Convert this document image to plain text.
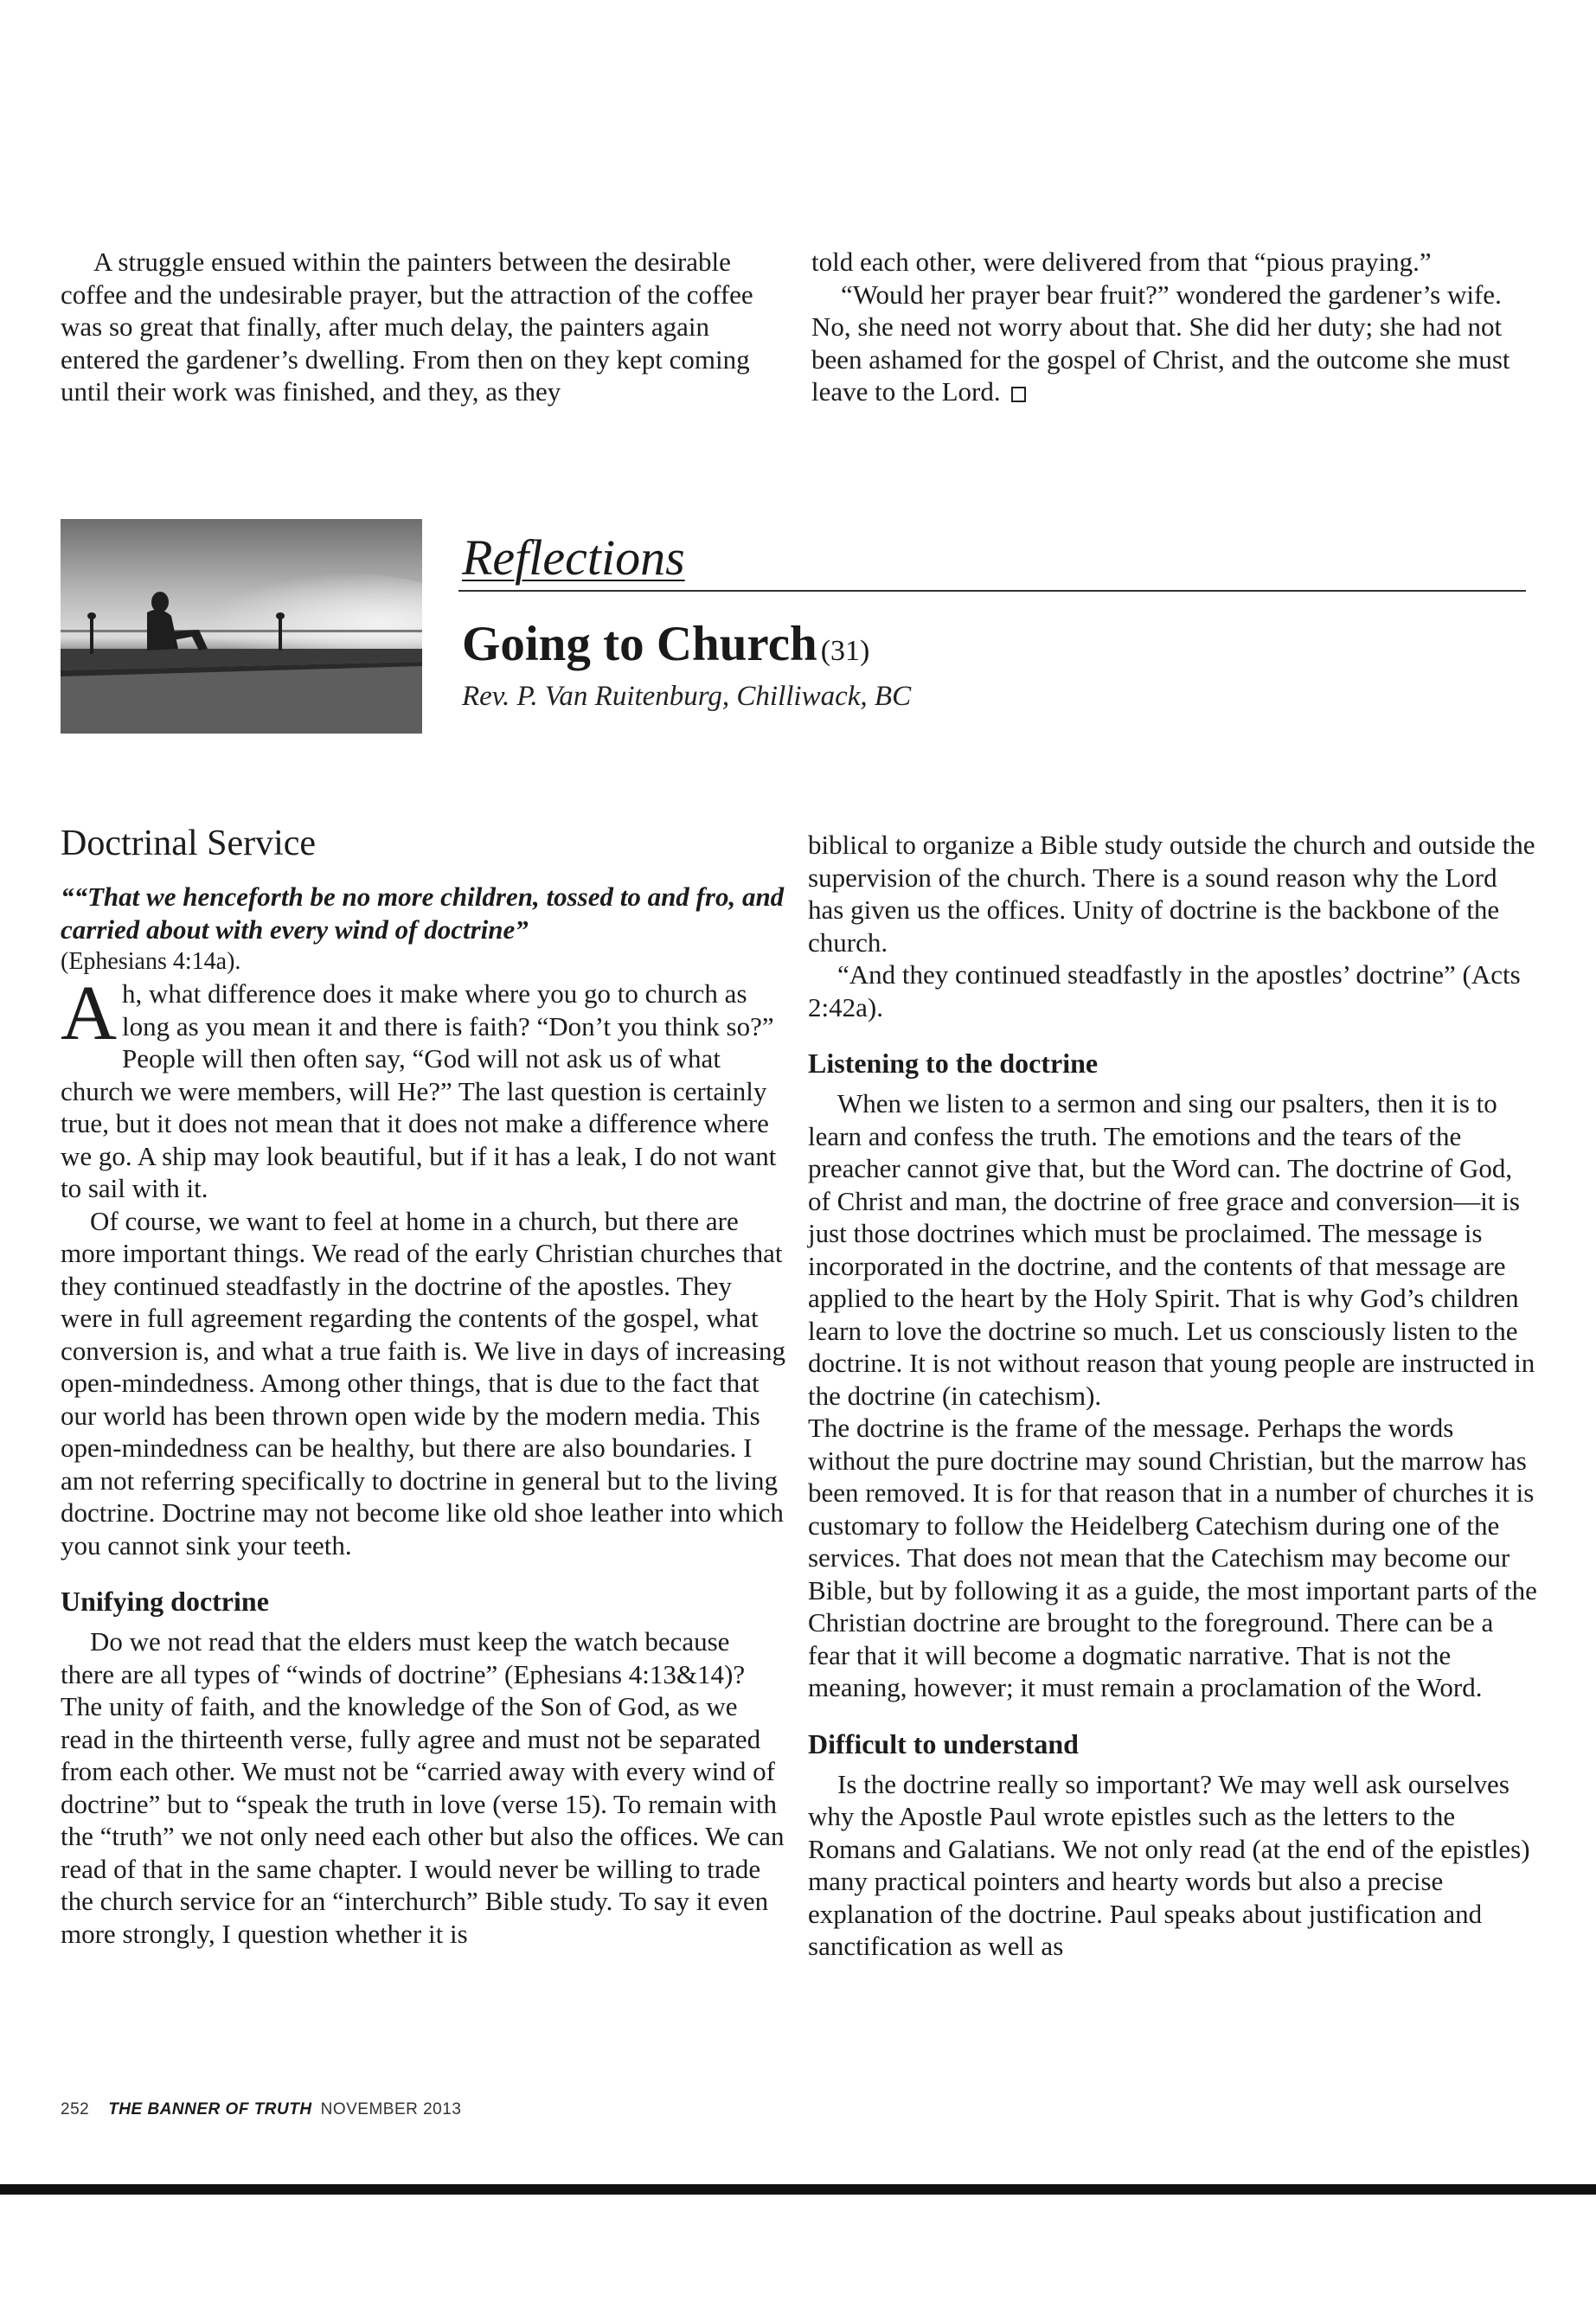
A struggle ensued within the painters between the desirable coffee and the undesirable prayer, but the attraction of the coffee was so great that finally, after much delay, the painters again entered the gardener’s dwelling. From then on they kept coming until their work was finished, and they, as they

told each other, were delivered from that “pious praying.”

“Would her prayer bear fruit?” wondered the gardener’s wife. No, she need not worry about that. She did her duty; she had not been ashamed for the gospel of Christ, and the outcome she must leave to the Lord.

Reflections
Going to Church (31)
Rev. P. Van Ruitenburg, Chilliwack, BC
Doctrinal Service

““That we henceforth be no more children, tossed to and fro, and carried about with every wind of doctrine”

(Ephesians 4:14a).

Ah, what difference does it make where you go to church as long as you mean it and there is faith? “Don’t you think so?” People will then often say, “God will not ask us of what church we were members, will He?” The last question is certainly true, but it does not mean that it does not make a difference where we go. A ship may look beautiful, but if it has a leak, I do not want to sail with it.

Of course, we want to feel at home in a church, but there are more important things. We read of the early Christian churches that they continued steadfastly in the doctrine of the apostles. They were in full agreement regarding the contents of the gospel, what conversion is, and what a true faith is. We live in days of increasing open-mindedness. Among other things, that is due to the fact that our world has been thrown open wide by the modern media. This open-mindedness can be healthy, but there are also boundaries. I am not referring specifically to doctrine in general but to the living doctrine. Doctrine may not become like old shoe leather into which you cannot sink your teeth.

Unifying doctrine

Do we not read that the elders must keep the watch because there are all types of “winds of doctrine” (Ephesians 4:13&14)? The unity of faith, and the knowledge of the Son of God, as we read in the thirteenth verse, fully agree and must not be separated from each other. We must not be “carried away with every wind of doctrine” but to “speak the truth in love (verse 15). To remain with the “truth” we not only need each other but also the offices. We can read of that in the same chapter. I would never be willing to trade the church service for an “interchurch” Bible study. To say it even more strongly, I question whether it is

biblical to organize a Bible study outside the church and outside the supervision of the church. There is a sound reason why the Lord has given us the offices. Unity of doctrine is the backbone of the church.

“And they continued steadfastly in the apostles’ doctrine” (Acts 2:42a).

Listening to the doctrine

When we listen to a sermon and sing our psalters, then it is to learn and confess the truth. The emotions and the tears of the preacher cannot give that, but the Word can. The doctrine of God, of Christ and man, the doctrine of free grace and conversion—it is just those doctrines which must be proclaimed. The message is incorporated in the doctrine, and the contents of that message are applied to the heart by the Holy Spirit. That is why God’s children learn to love the doctrine so much. Let us consciously listen to the doctrine. It is not without reason that young people are instructed in the doctrine (in catechism).

The doctrine is the frame of the message. Perhaps the words without the pure doctrine may sound Christian, but the marrow has been removed. It is for that reason that in a number of churches it is customary to follow the Heidelberg Catechism during one of the services. That does not mean that the Catechism may become our Bible, but by following it as a guide, the most important parts of the Christian doctrine are brought to the foreground. There can be a fear that it will become a dogmatic narrative. That is not the meaning, however; it must remain a proclamation of the Word.

Difficult to understand

Is the doctrine really so important? We may well ask ourselves why the Apostle Paul wrote epistles such as the letters to the Romans and Galatians. We not only read (at the end of the epistles) many practical pointers and hearty words but also a precise explanation of the doctrine. Paul speaks about justification and sanctification as well as

252 THE BANNER OF TRUTH NOVEMBER 2013
